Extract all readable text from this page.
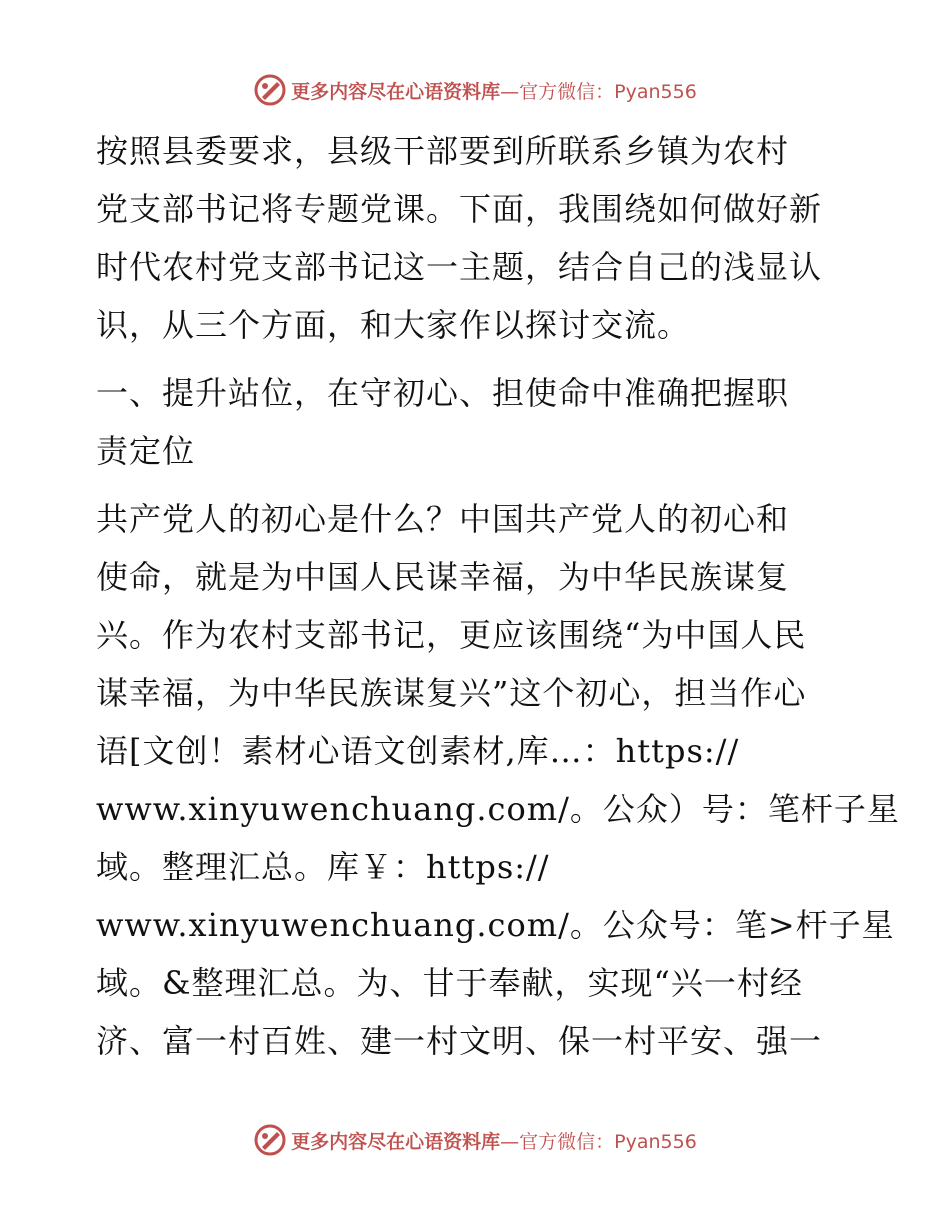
更多内容尽在心语资料库 —官方微信：Pyan556
按照县委要求，县级干部要到所联系乡镇为农村
党支部书记将专题党课。下面，我围绕如何做好新
时代农村党支部书记这一主题，结合自己的浅显认
识，从三个方面，和大家作以探讨交流。
一、提升站位，在守初心、担使命中准确把握职
责定位
共产党人的初心是什么？中国共产党人的初心和
使命，就是为中国人民谋幸福，为中华民族谋复
兴。作为农村支部书记，更应该围绕“为中国人民
谋幸福，为中华民族谋复兴”这个初心，担当作心
语[文创！素材心语文创素材,库…：https://
www.xinyuwenchuang.com/。公众）号：笔杆子星
域。整理汇总。库￥：https://
www.xinyuwenchuang.com/。公众号：笔>杆子星
域。&整理汇总。为、甘于奉献，实现“兴一村经
济、富一村百姓、建一村文明、保一村平安、强一
更多内容尽在心语资料库 —官方微信：Pyan556
